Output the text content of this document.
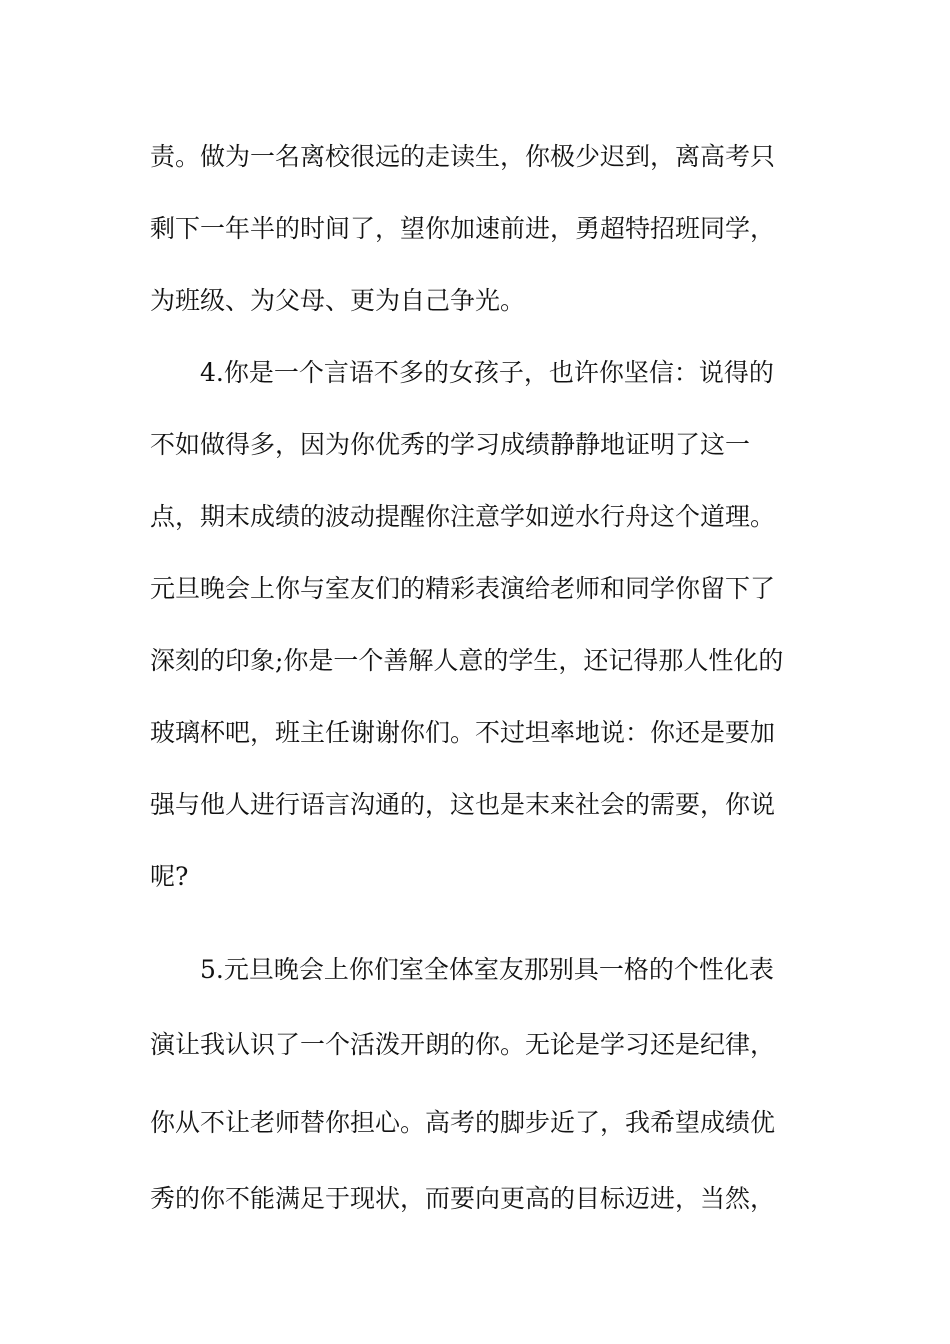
责。做为一名离校很远的走读生，你极少迟到，离高考只

剩下一年半的时间了，望你加速前进，勇超特招班同学，

为班级、为父母、更为自己争光。

4.你是一个言语不多的女孩子，也许你坚信：说得的

不如做得多，因为你优秀的学习成绩静静地证明了这一

点，期末成绩的波动提醒你注意学如逆水行舟这个道理。

元旦晚会上你与室友们的精彩表演给老师和同学你留下了

深刻的印象;你是一个善解人意的学生，还记得那人性化的

玻璃杯吧，班主任谢谢你们。不过坦率地说：你还是要加

强与他人进行语言沟通的，这也是末来社会的需要，你说

呢?

5.元旦晚会上你们室全体室友那别具一格的个性化表

演让我认识了一个活泼开朗的你。无论是学习还是纪律，

你从不让老师替你担心。高考的脚步近了，我希望成绩优

秀的你不能满足于现状，而要向更高的目标迈进，当然，
